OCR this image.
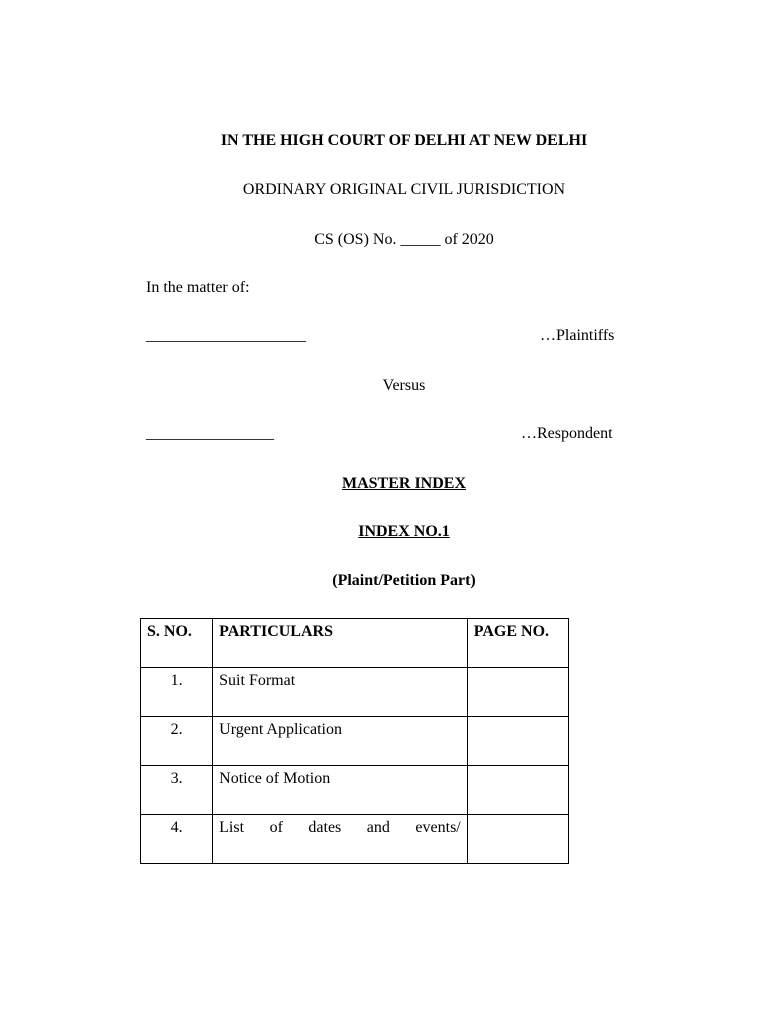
IN THE HIGH COURT OF DELHI AT NEW DELHI
ORDINARY ORIGINAL CIVIL JURISDICTION
CS (OS) No. _____ of 2020
In the matter of:
____________________	…Plaintiffs
Versus
________________	…Respondent
MASTER INDEX
INDEX NO.1
(Plaint/Petition Part)
S. NO.	PARTICULARS	PAGE NO.

1.	Suit Format	

2.	Urgent Application	

3.	Notice of Motion	

4.	List of dates and events/	
